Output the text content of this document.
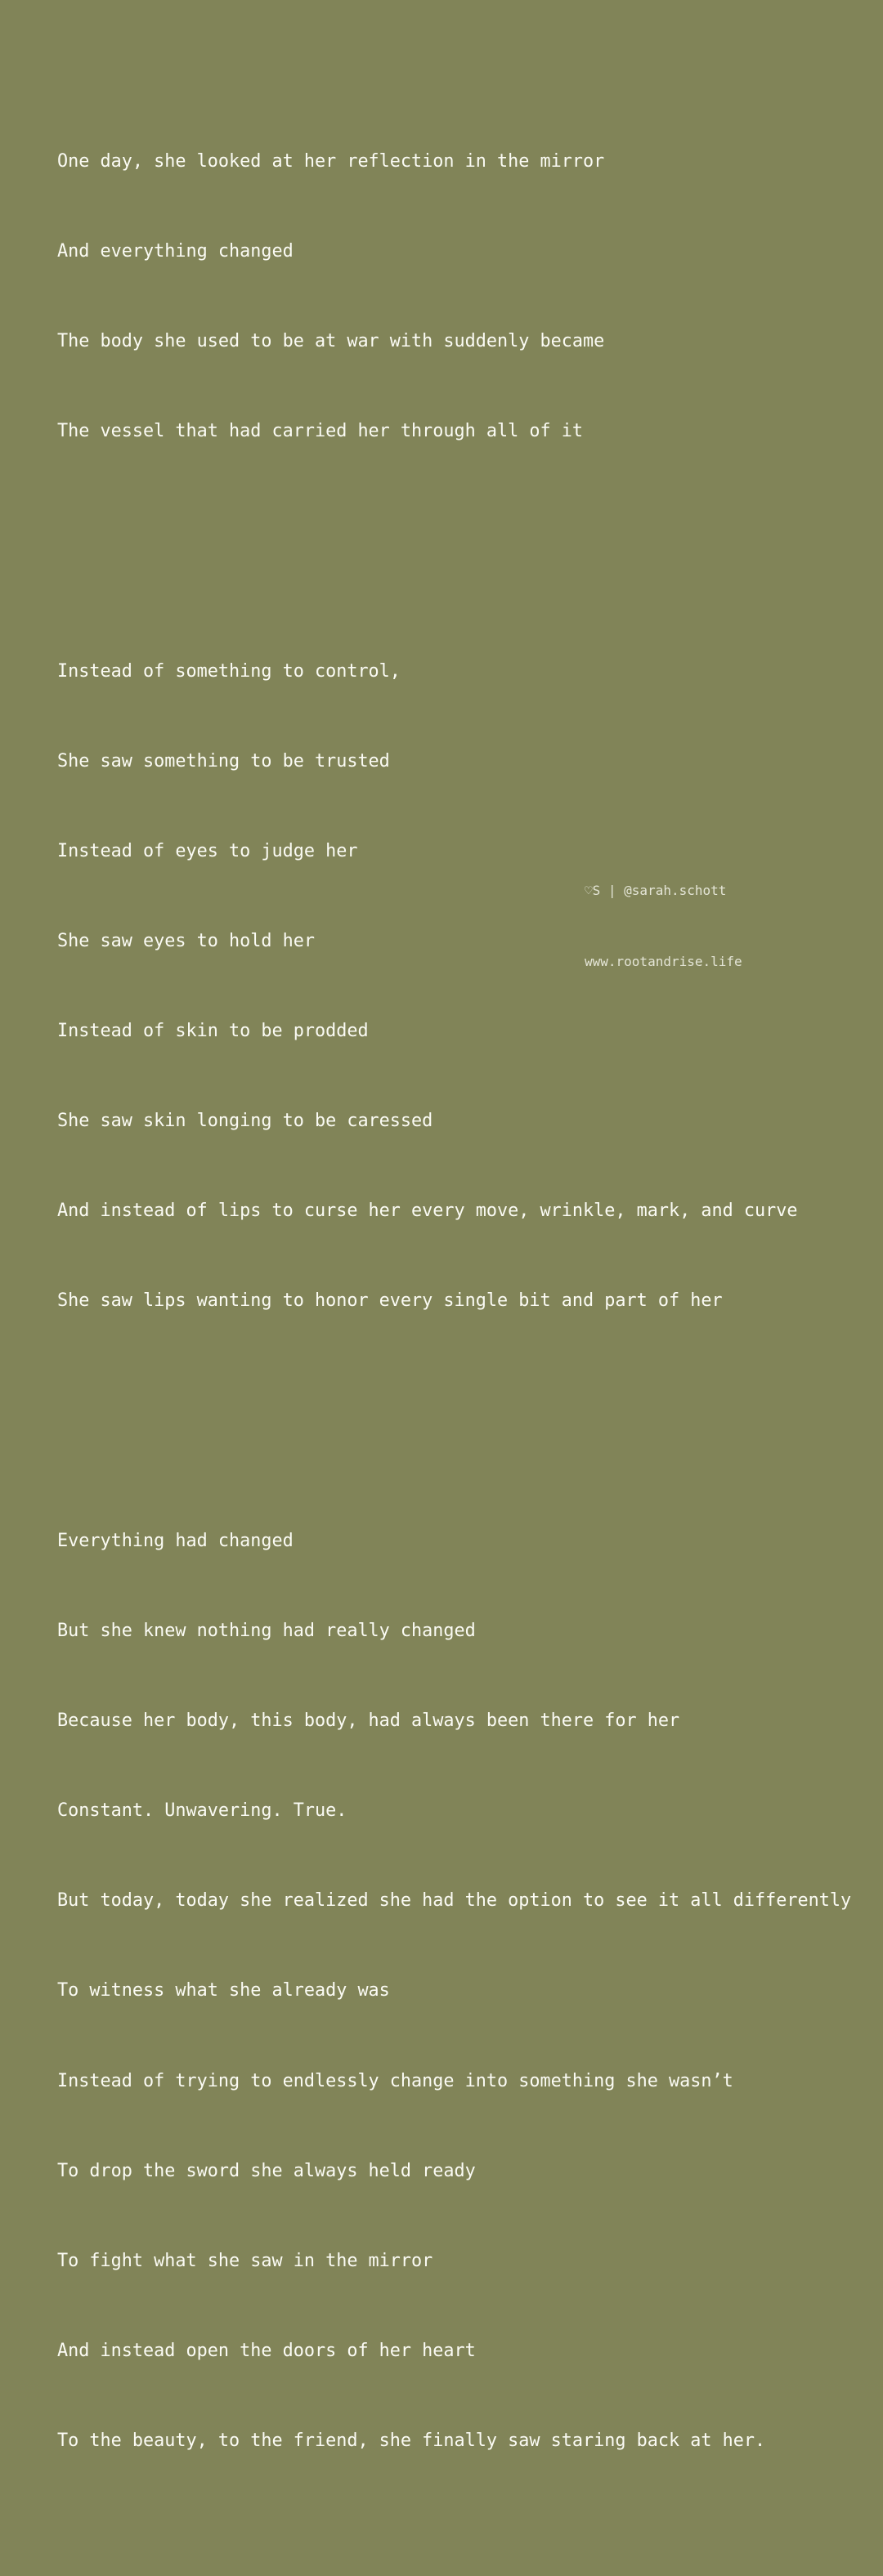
One day, she looked at her reflection in the mirror

And everything changed

The body she used to be at war with suddenly became

The vessel that had carried her through all of it

Instead of something to control,

She saw something to be trusted

Instead of eyes to judge her

She saw eyes to hold her

Instead of skin to be prodded

She saw skin longing to be caressed

And instead of lips to curse her every move, wrinkle, mark, and curve

She saw lips wanting to honor every single bit and part of her

Everything had changed

But she knew nothing had really changed

Because her body, this body, had always been there for her

Constant. Unwavering. True.

But today, today she realized she had the option to see it all differently

To witness what she already was

Instead of trying to endlessly change into something she wasn’t

To drop the sword she always held ready

To fight what she saw in the mirror

And instead open the doors of her heart

To the beauty, to the friend, she finally saw staring back at her.

♡S | @sarah.schott

www.rootandrise.life
